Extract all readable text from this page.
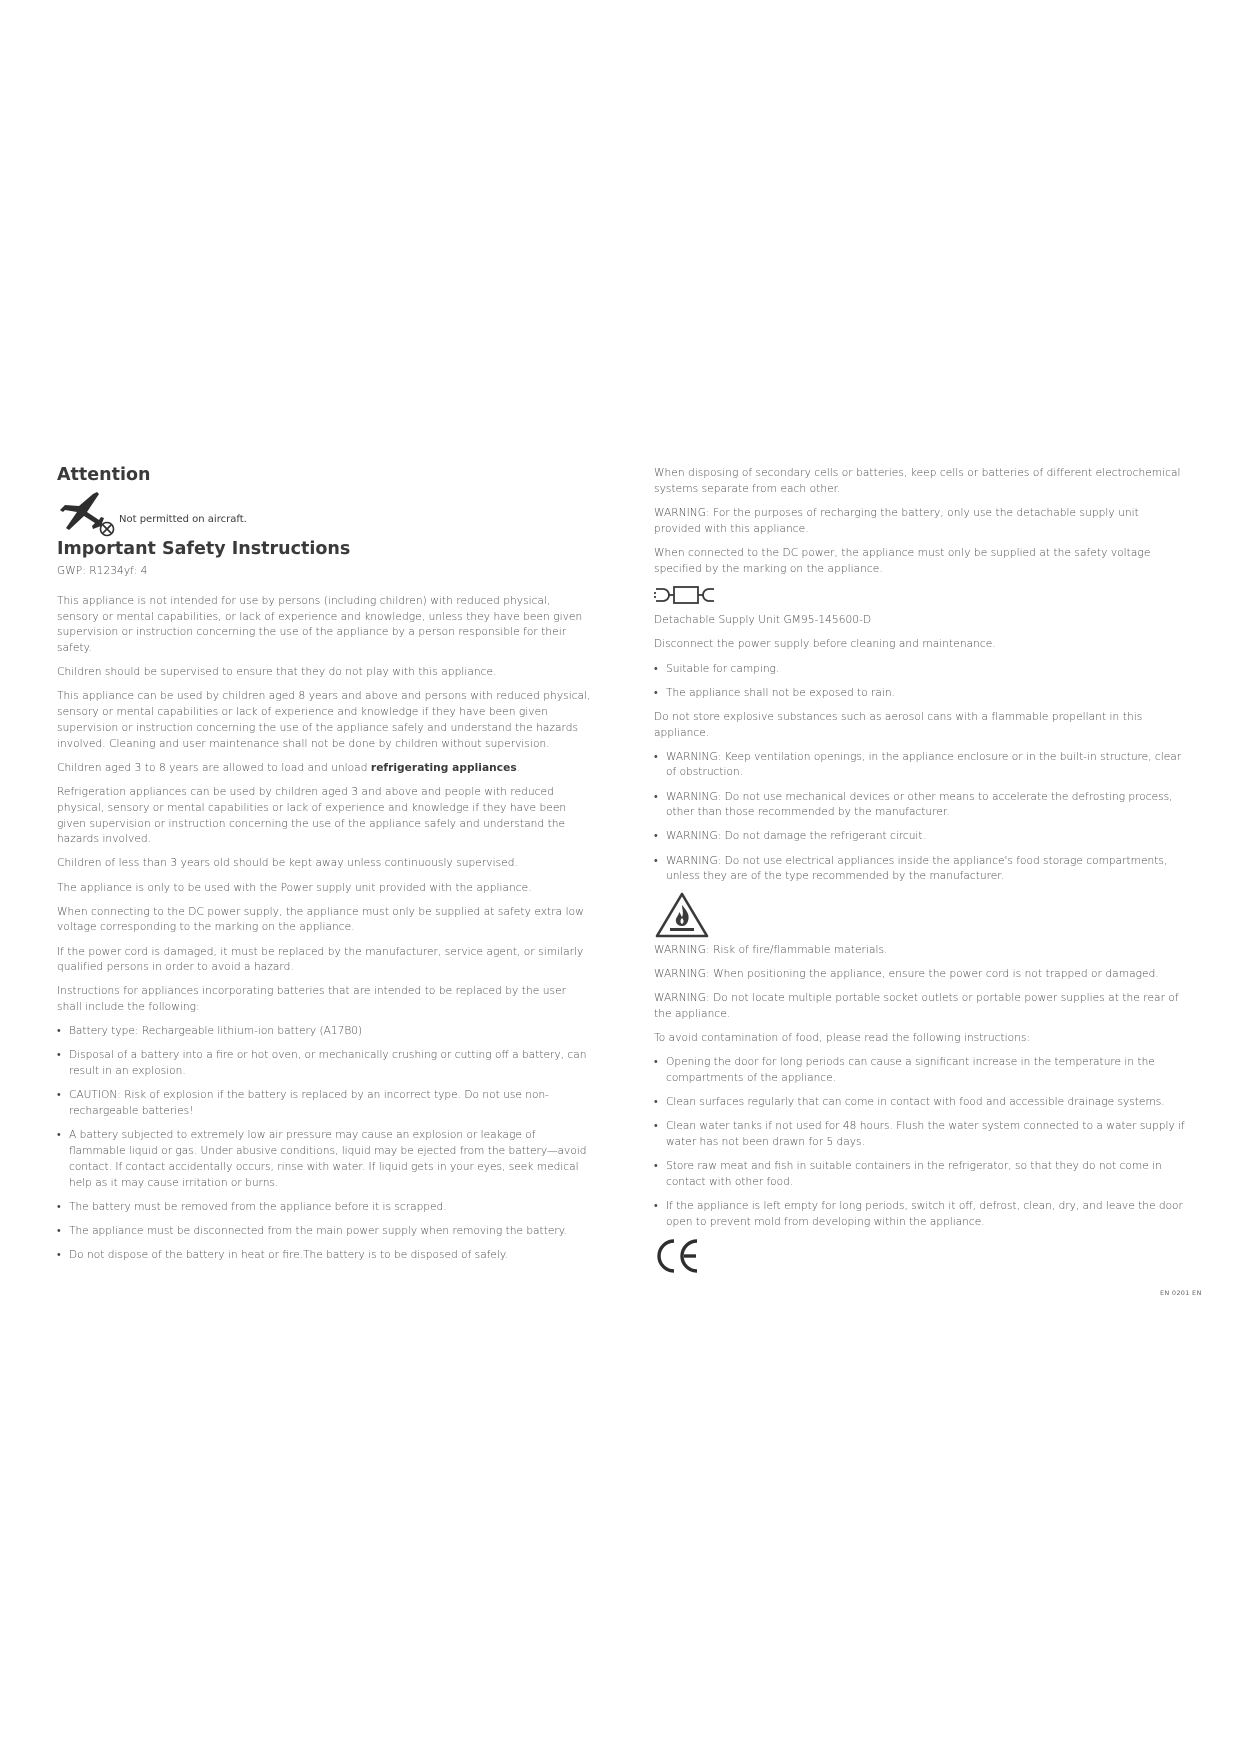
Attention
Not permitted on aircraft.
Important Safety Instructions

GWP: R1234yf: 4

This appliance is not intended for use by persons (including children) with reduced physical, sensory or mental capabilities, or lack of experience and knowledge, unless they have been given supervision or instruction concerning the use of the appliance by a person responsible for their safety.

Children should be supervised to ensure that they do not play with this appliance.

This appliance can be used by children aged 8 years and above and persons with reduced physical, sensory or mental capabilities or lack of experience and knowledge if they have been given supervision or instruction concerning the use of the appliance safely and understand the hazards involved. Cleaning and user maintenance shall not be done by children without supervision.

Children aged 3 to 8 years are allowed to load and unload refrigerating appliances.

Refrigeration appliances can be used by children aged 3 and above and people with reduced physical, sensory or mental capabilities or lack of experience and knowledge if they have been given supervision or instruction concerning the use of the appliance safely and understand the hazards involved.

Children of less than 3 years old should be kept away unless continuously supervised.

The appliance is only to be used with the Power supply unit provided with the appliance.

When connecting to the DC power supply, the appliance must only be supplied at safety extra low voltage corresponding to the marking on the appliance.

If the power cord is damaged, it must be replaced by the manufacturer, service agent, or similarly qualified persons in order to avoid a hazard.

Instructions for appliances incorporating batteries that are intended to be replaced by the user shall include the following:

• Battery type: Rechargeable lithium-ion battery (A17B0)
• Disposal of a battery into a fire or hot oven, or mechanically crushing or cutting off a battery, can result in an explosion.
• CAUTION: Risk of explosion if the battery is replaced by an incorrect type. Do not use non-rechargeable batteries!
• A battery subjected to extremely low air pressure may cause an explosion or leakage of flammable liquid or gas. Under abusive conditions, liquid may be ejected from the battery—avoid contact. If contact accidentally occurs, rinse with water. If liquid gets in your eyes, seek medical help as it may cause irritation or burns.
• The battery must be removed from the appliance before it is scrapped.
• The appliance must be disconnected from the main power supply when removing the battery.
• Do not dispose of the battery in heat or fire.The battery is to be disposed of safely.

When disposing of secondary cells or batteries, keep cells or batteries of different electrochemical systems separate from each other.

WARNING: For the purposes of recharging the battery, only use the detachable supply unit provided with this appliance.

When connected to the DC power, the appliance must only be supplied at the safety voltage specified by the marking on the appliance.

Detachable Supply Unit GM95-145600-D

Disconnect the power supply before cleaning and maintenance.

• Suitable for camping.
• The appliance shall not be exposed to rain.

Do not store explosive substances such as aerosol cans with a flammable propellant in this appliance.

• WARNING: Keep ventilation openings, in the appliance enclosure or in the built-in structure, clear of obstruction.
• WARNING: Do not use mechanical devices or other means to accelerate the defrosting process, other than those recommended by the manufacturer.
• WARNING: Do not damage the refrigerant circuit.
• WARNING: Do not use electrical appliances inside the appliance's food storage compartments, unless they are of the type recommended by the manufacturer.

WARNING: Risk of fire/flammable materials.

WARNING: When positioning the appliance, ensure the power cord is not trapped or damaged.

WARNING: Do not locate multiple portable socket outlets or portable power supplies at the rear of the appliance.

To avoid contamination of food, please read the following instructions:

• Opening the door for long periods can cause a significant increase in the temperature in the compartments of the appliance.
• Clean surfaces regularly that can come in contact with food and accessible drainage systems.
• Clean water tanks if not used for 48 hours. Flush the water system connected to a water supply if water has not been drawn for 5 days.
• Store raw meat and fish in suitable containers in the refrigerator, so that they do not come in contact with other food.
• If the appliance is left empty for long periods, switch it off, defrost, clean, dry, and leave the door open to prevent mold from developing within the appliance.
EN 0201 EN
